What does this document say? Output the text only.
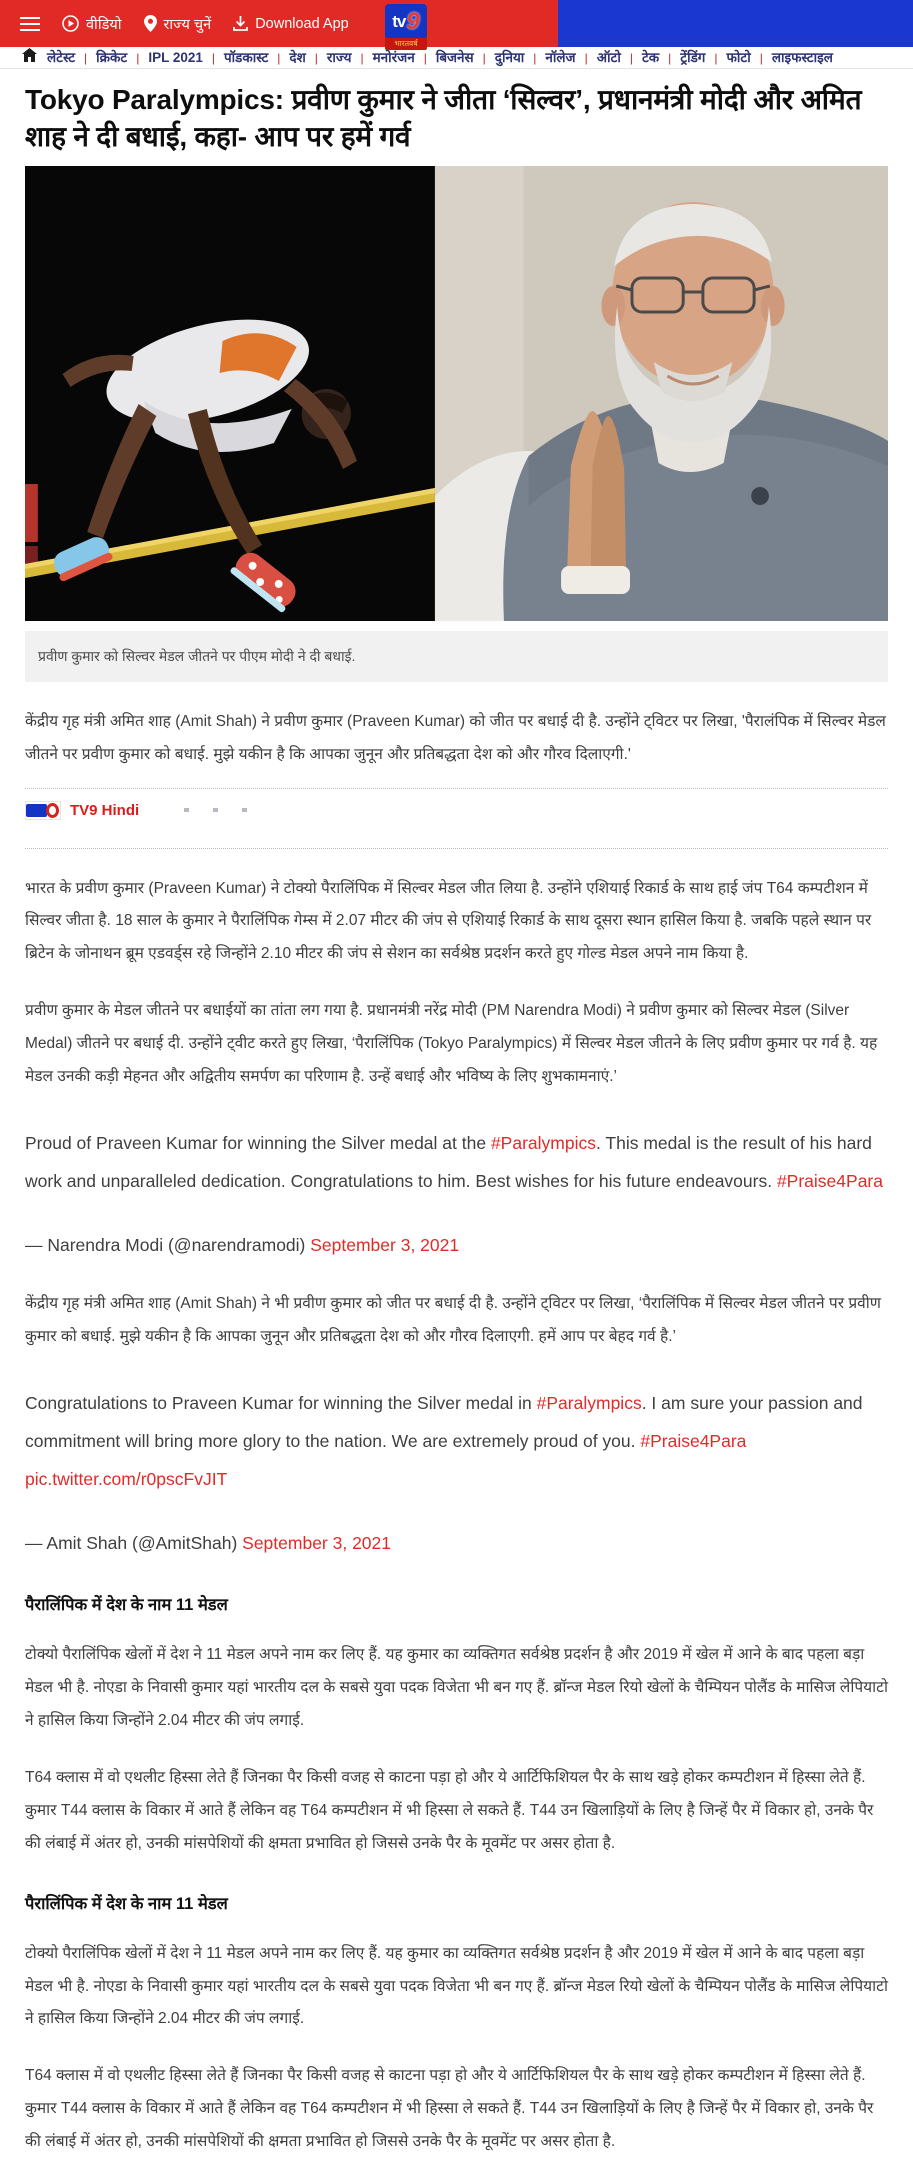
वीडियो	राज्य चुनें	Download App	tv 9
भारतवर्ष
लेटेस्ट | क्रिकेट | IPL 2021 | पॉडकास्ट | देश | राज्य | मनोरंजन | बिजनेस | दुनिया | नॉलेज | ऑटो | टेक | ट्रेंडिंग | फोटो | लाइफस्टाइल
Tokyo Paralympics: प्रवीण कुमार ने जीता ‘सिल्वर’, प्रधानमंत्री मोदी और अमित शाह ने दी बधाई, कहा- आप पर हमें गर्व
प्रवीण कुमार को सिल्वर मेडल जीतने पर पीएम मोदी ने दी बधाई.

केंद्रीय गृह मंत्री अमित शाह (Amit Shah) ने प्रवीण कुमार (Praveen Kumar) को जीत पर बधाई दी है. उन्होंने ट्विटर पर लिखा, 'पैरालंपिक में सिल्वर मेडल जीतने पर प्रवीण कुमार को बधाई. मुझे यकीन है कि आपका जुनून और प्रतिबद्धता देश को और गौरव दिलाएगी.'

TV9 Hindi

भारत के प्रवीण कुमार (Praveen Kumar) ने टोक्यो पैरालिंपिक में सिल्वर मेडल जीत लिया है. उन्होंने एशियाई रिकार्ड के साथ हाई जंप T64 कम्पटीशन में सिल्वर जीता है. 18 साल के कुमार ने पैरालिंपिक गेम्स में 2.07 मीटर की जंप से एशियाई रिकार्ड के साथ दूसरा स्थान हासिल किया है. जबकि पहले स्थान पर ब्रिटेन के जोनाथन ब्रूम एडवर्ड्स रहे जिन्होंने 2.10 मीटर की जंप से सेशन का सर्वश्रेष्ठ प्रदर्शन करते हुए गोल्ड मेडल अपने नाम किया है.

प्रवीण कुमार के मेडल जीतने पर बधाईयों का तांता लग गया है. प्रधानमंत्री नरेंद्र मोदी (PM Narendra Modi) ने प्रवीण कुमार को सिल्वर मेडल (Silver Medal) जीतने पर बधाई दी. उन्होंने ट्वीट करते हुए लिखा, ‘पैरालिंपिक (Tokyo Paralympics) में सिल्वर मेडल जीतने के लिए प्रवीण कुमार पर गर्व है. यह मेडल उनकी कड़ी मेहनत और अद्वितीय समर्पण का परिणाम है. उन्हें बधाई और भविष्य के लिए शुभकामनाएं.’

Proud of Praveen Kumar for winning the Silver medal at the #Paralympics. This medal is the result of his hard work and unparalleled dedication. Congratulations to him. Best wishes for his future endeavours. #Praise4Para

— Narendra Modi (@narendramodi) September 3, 2021

केंद्रीय गृह मंत्री अमित शाह (Amit Shah) ने भी प्रवीण कुमार को जीत पर बधाई दी है. उन्होंने ट्विटर पर लिखा, ‘पैरालिंपिक में सिल्वर मेडल जीतने पर प्रवीण कुमार को बधाई. मुझे यकीन है कि आपका जुनून और प्रतिबद्धता देश को और गौरव दिलाएगी. हमें आप पर बेहद गर्व है.’

Congratulations to Praveen Kumar for winning the Silver medal in #Paralympics. I am sure your passion and commitment will bring more glory to the nation. We are extremely proud of you. #Praise4Para pic.twitter.com/r0pscFvJIT

— Amit Shah (@AmitShah) September 3, 2021

पैरालिंपिक में देश के नाम 11 मेडल

टोक्यो पैरालिंपिक खेलों में देश ने 11 मेडल अपने नाम कर लिए हैं. यह कुमार का व्यक्तिगत सर्वश्रेष्ठ प्रदर्शन है और 2019 में खेल में आने के बाद पहला बड़ा मेडल भी है. नोएडा के निवासी कुमार यहां भारतीय दल के सबसे युवा पदक विजेता भी बन गए हैं. ब्रॉन्ज मेडल रियो खेलों के चैम्पियन पोलैंड के मासिज लेपियाटो ने हासिल किया जिन्होंने 2.04 मीटर की जंप लगाई.

T64 क्लास में वो एथलीट हिस्सा लेते हैं जिनका पैर किसी वजह से काटना पड़ा हो और ये आर्टिफिशियल पैर के साथ खड़े होकर कम्पटीशन में हिस्सा लेते हैं. कुमार T44 क्लास के विकार में आते हैं लेकिन वह T64 कम्पटीशन में भी हिस्सा ले सकते हैं. T44 उन खिलाड़ियों के लिए है जिन्हें पैर में विकार हो, उनके पैर की लंबाई में अंतर हो, उनकी मांसपेशियों की क्षमता प्रभावित हो जिससे उनके पैर के मूवमेंट पर असर होता है.

पैरालिंपिक में देश के नाम 11 मेडल

टोक्यो पैरालिंपिक खेलों में देश ने 11 मेडल अपने नाम कर लिए हैं. यह कुमार का व्यक्तिगत सर्वश्रेष्ठ प्रदर्शन है और 2019 में खेल में आने के बाद पहला बड़ा मेडल भी है. नोएडा के निवासी कुमार यहां भारतीय दल के सबसे युवा पदक विजेता भी बन गए हैं. ब्रॉन्ज मेडल रियो खेलों के चैम्पियन पोलैंड के मासिज लेपियाटो ने हासिल किया जिन्होंने 2.04 मीटर की जंप लगाई.

T64 क्लास में वो एथलीट हिस्सा लेते हैं जिनका पैर किसी वजह से काटना पड़ा हो और ये आर्टिफिशियल पैर के साथ खड़े होकर कम्पटीशन में हिस्सा लेते हैं. कुमार T44 क्लास के विकार में आते हैं लेकिन वह T64 कम्पटीशन में भी हिस्सा ले सकते हैं. T44 उन खिलाड़ियों के लिए है जिन्हें पैर में विकार हो, उनके पैर की लंबाई में अंतर हो, उनकी मांसपेशियों की क्षमता प्रभावित हो जिससे उनके पैर के मूवमेंट पर असर होता है.
